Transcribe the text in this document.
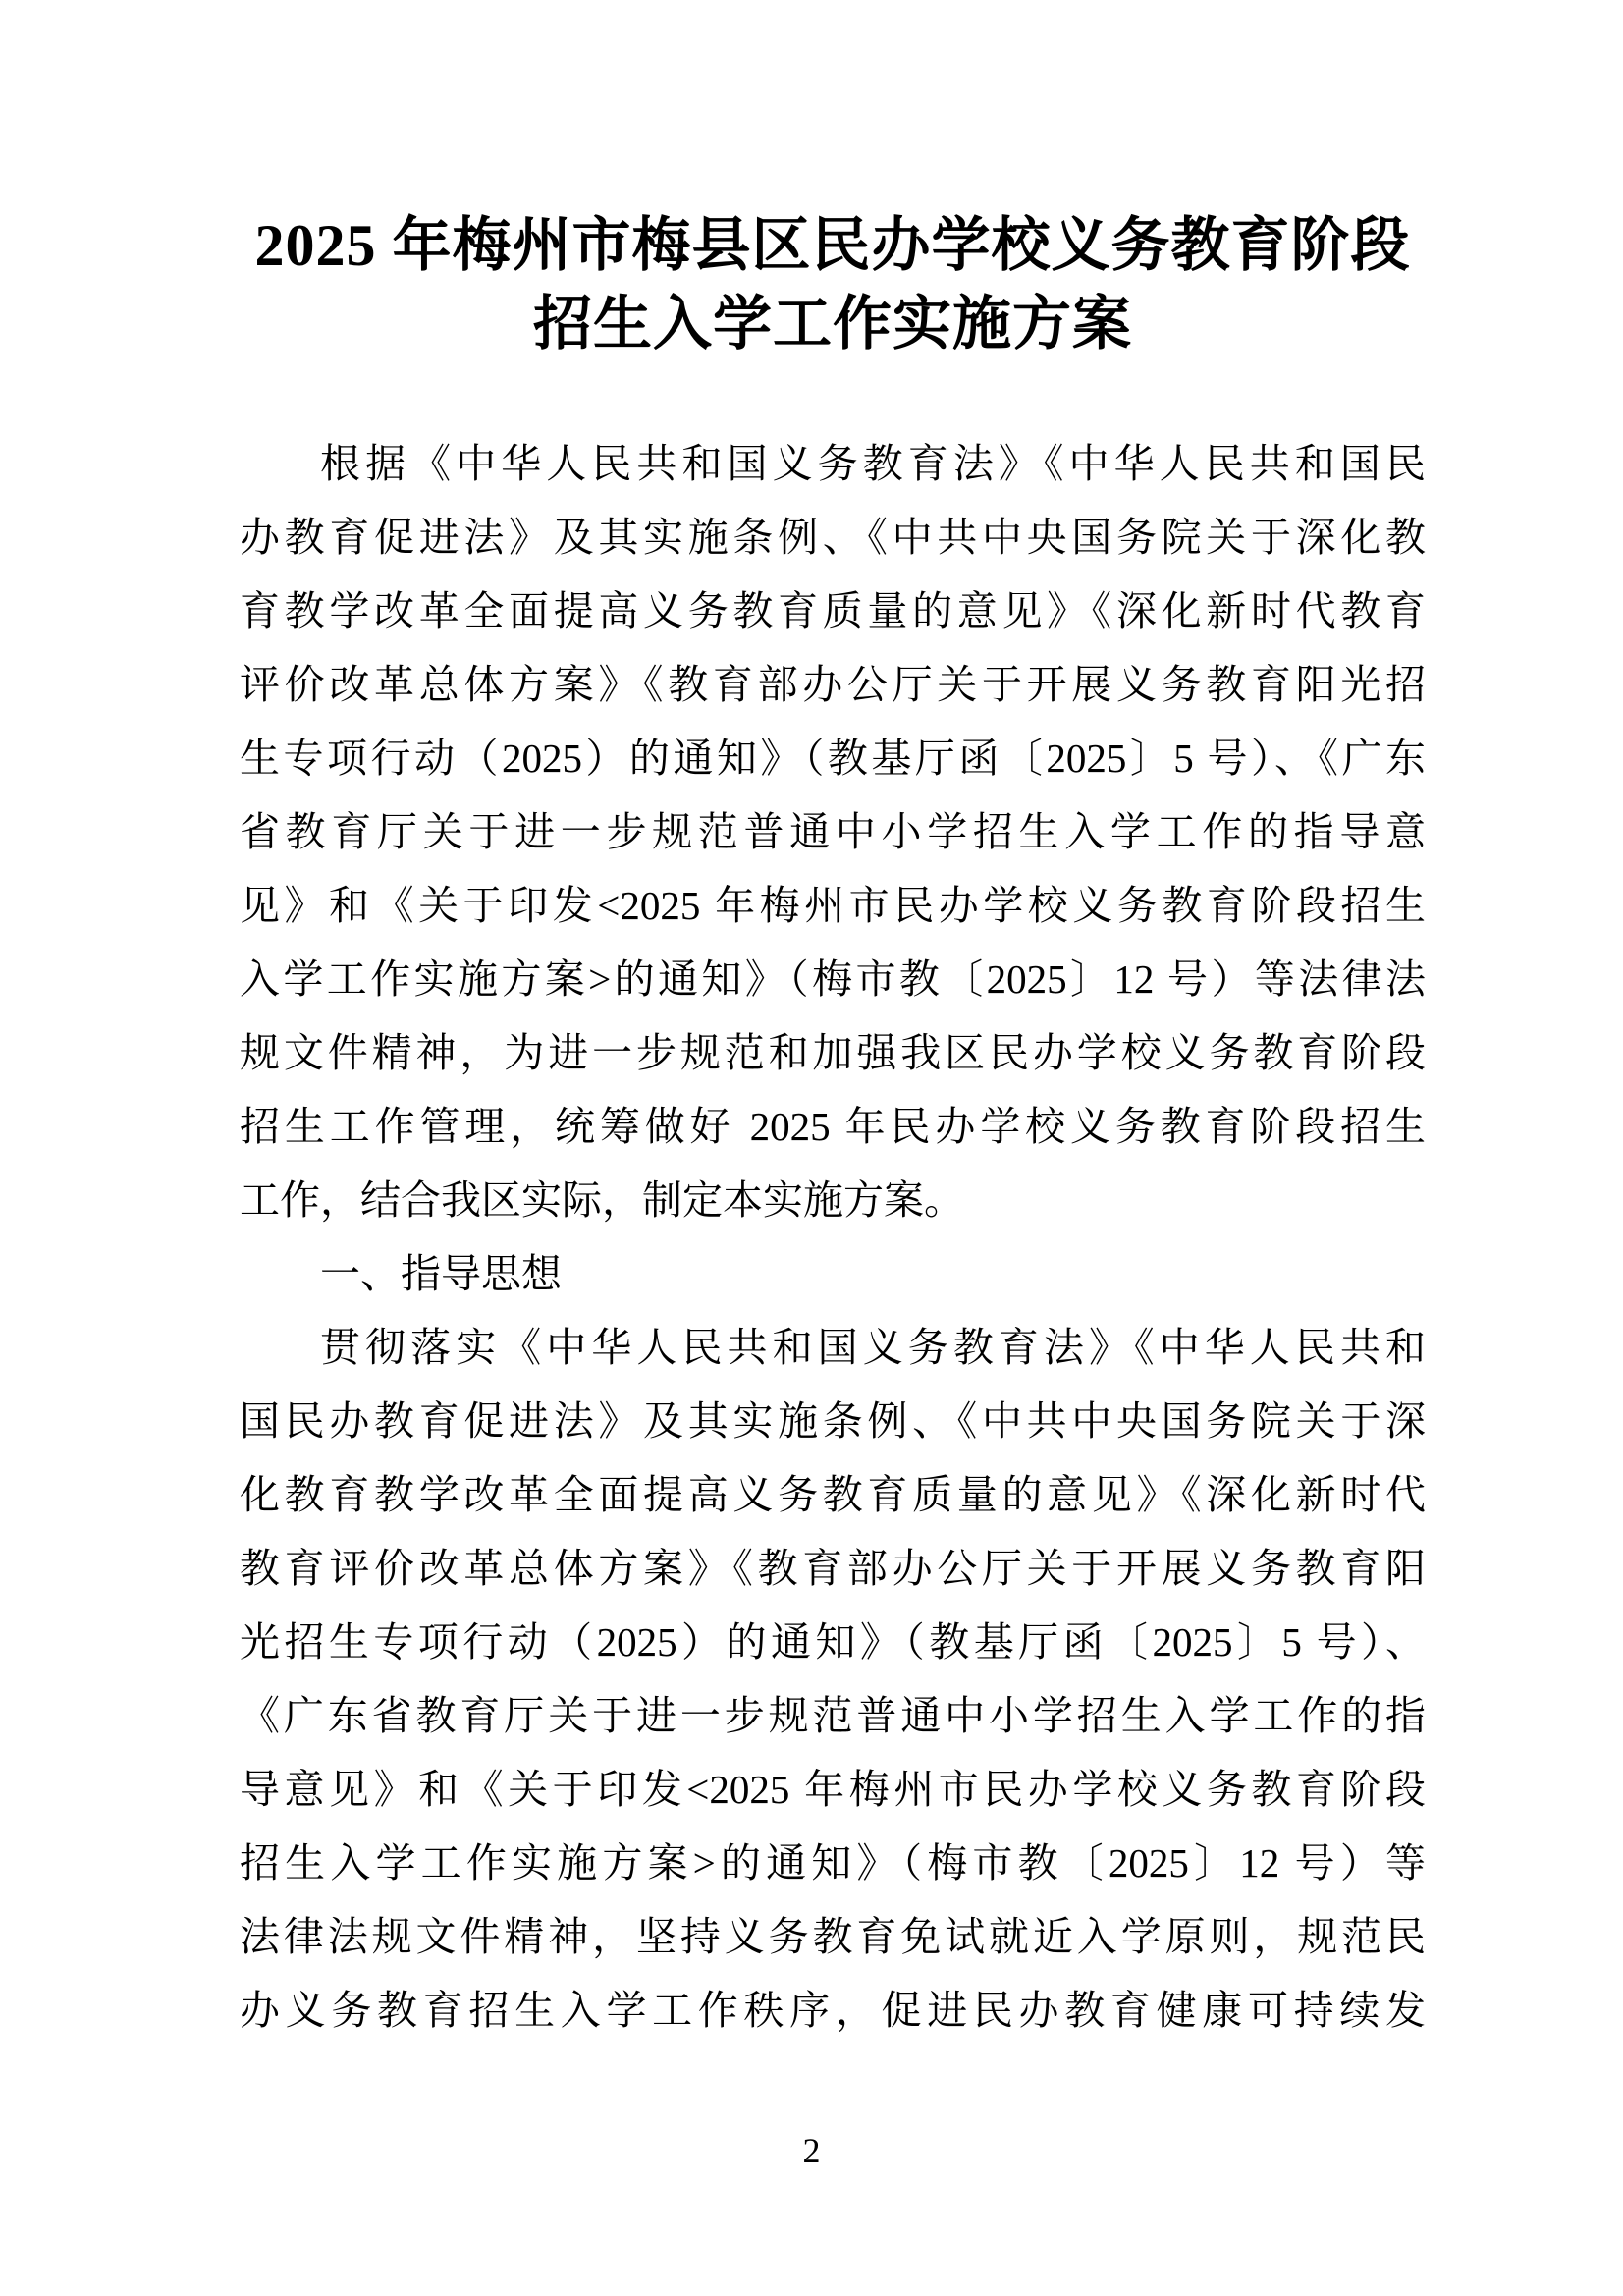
2025 年梅州市梅县区民办学校义务教育阶段
招生入学工作实施方案
根据《中华人民共和国义务教育法》《中华人民共和国民
办教育促进法》及其实施条例、《中共中央国务院关于深化教
育教学改革全面提高义务教育质量的意见》《深化新时代教育
评价改革总体方案》《教育部办公厅关于开展义务教育阳光招
生专项行动（2025）的通知》（教基厅函〔2025〕5 号）、《广东
省教育厅关于进一步规范普通中小学招生入学工作的指导意
见》和《关于印发<2025 年梅州市民办学校义务教育阶段招生
入学工作实施方案>的通知》（梅市教〔2025〕12 号）等法律法
规文件精神，为进一步规范和加强我区民办学校义务教育阶段
招生工作管理，统筹做好 2025 年民办学校义务教育阶段招生
工作，结合我区实际，制定本实施方案。
一、指导思想
贯彻落实《中华人民共和国义务教育法》《中华人民共和
国民办教育促进法》及其实施条例、《中共中央国务院关于深
化教育教学改革全面提高义务教育质量的意见》《深化新时代
教育评价改革总体方案》《教育部办公厅关于开展义务教育阳
光招生专项行动（2025）的通知》（教基厅函〔2025〕5 号）、
《广东省教育厅关于进一步规范普通中小学招生入学工作的指
导意见》和《关于印发<2025 年梅州市民办学校义务教育阶段
招生入学工作实施方案>的通知》（梅市教〔2025〕12 号）等
法律法规文件精神，坚持义务教育免试就近入学原则，规范民
办义务教育招生入学工作秩序，促进民办教育健康可持续发
2
